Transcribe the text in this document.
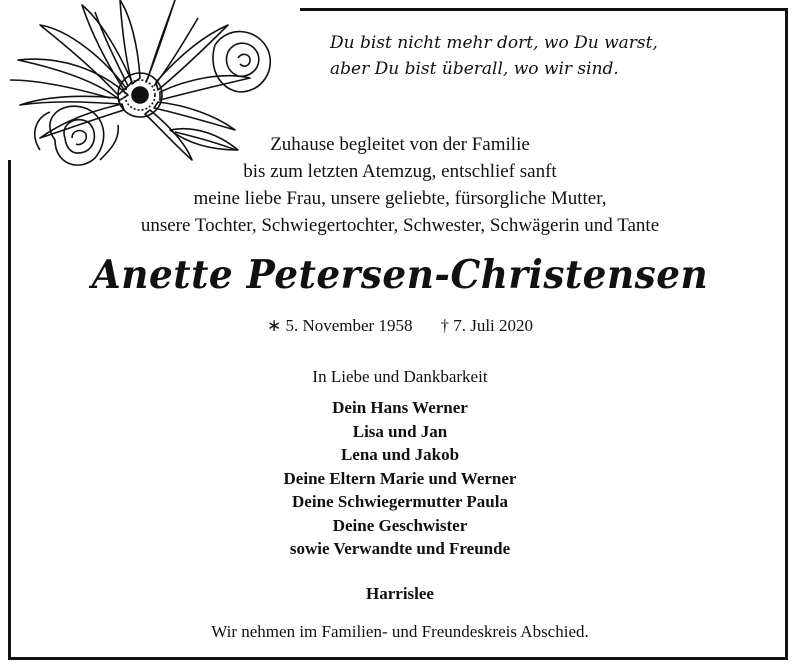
Du bist nicht mehr dort, wo Du warst,
aber Du bist überall, wo wir sind.
Zuhause begleitet von der Familie
bis zum letzten Atemzug, entschlief sanft
meine liebe Frau, unsere geliebte, fürsorgliche Mutter,
unsere Tochter, Schwiegertochter, Schwester, Schwägerin und Tante
Anette Petersen-Christensen
∗ 5. November 1958 † 7. Juli 2020
In Liebe und Dankbarkeit
Dein Hans Werner
Lisa und Jan
Lena und Jakob
Deine Eltern Marie und Werner
Deine Schwiegermutter Paula
Deine Geschwister
sowie Verwandte und Freunde
Harrislee
Wir nehmen im Familien- und Freundeskreis Abschied.
